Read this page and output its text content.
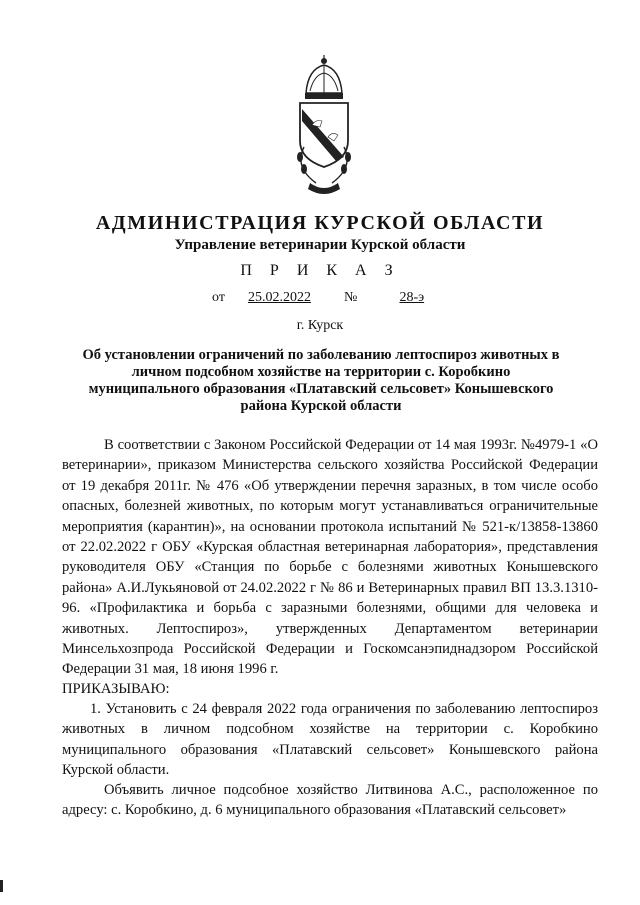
АДМИНИСТРАЦИЯ КУРСКОЙ ОБЛАСТИ
Управление ветеринарии Курской области
П Р И К А З
от 25.02.2022 №	28-э
г. Курск
Об установлении ограничений по заболеванию лептоспироз животных в личном подсобном хозяйстве на территории с. Коробкино муниципального образования «Платавский сельсовет» Конышевского района Курской области
В соответствии с Законом Российской Федерации от 14 мая 1993г. №4979-1 «О ветеринарии», приказом Министерства сельского хозяйства Российской Федерации от 19 декабря 2011г. № 476 «Об утверждении перечня заразных, в том числе особо опасных, болезней животных, по которым могут устанавливаться ограничительные мероприятия (карантин)», на основании протокола испытаний № 521-к/13858-13860 от 22.02.2022 г ОБУ «Курская областная ветеринарная лаборатория», представления руководителя ОБУ «Станция по борьбе с болезнями животных Конышевского района» А.И.Лукьяновой от 24.02.2022 г № 86 и Ветеринарных правил ВП 13.3.1310-96. «Профилактика и борьба с заразными болезнями, общими для человека и животных. Лептоспироз», утвержденных Департаментом ветеринарии Минсельхозпрода Российской Федерации и Госкомсанэпиднадзором Российской Федерации 31 мая, 18 июня 1996 г.
ПРИКАЗЫВАЮ:
1. Установить с 24 февраля 2022 года ограничения по заболеванию лептоспироз животных в личном подсобном хозяйстве на территории с. Коробкино муниципального образования «Платавский сельсовет» Конышевского района Курской области.
Объявить личное подсобное хозяйство Литвинова А.С., расположенное по адресу: с. Коробкино, д. 6 муниципального образования «Платавский сельсовет»
